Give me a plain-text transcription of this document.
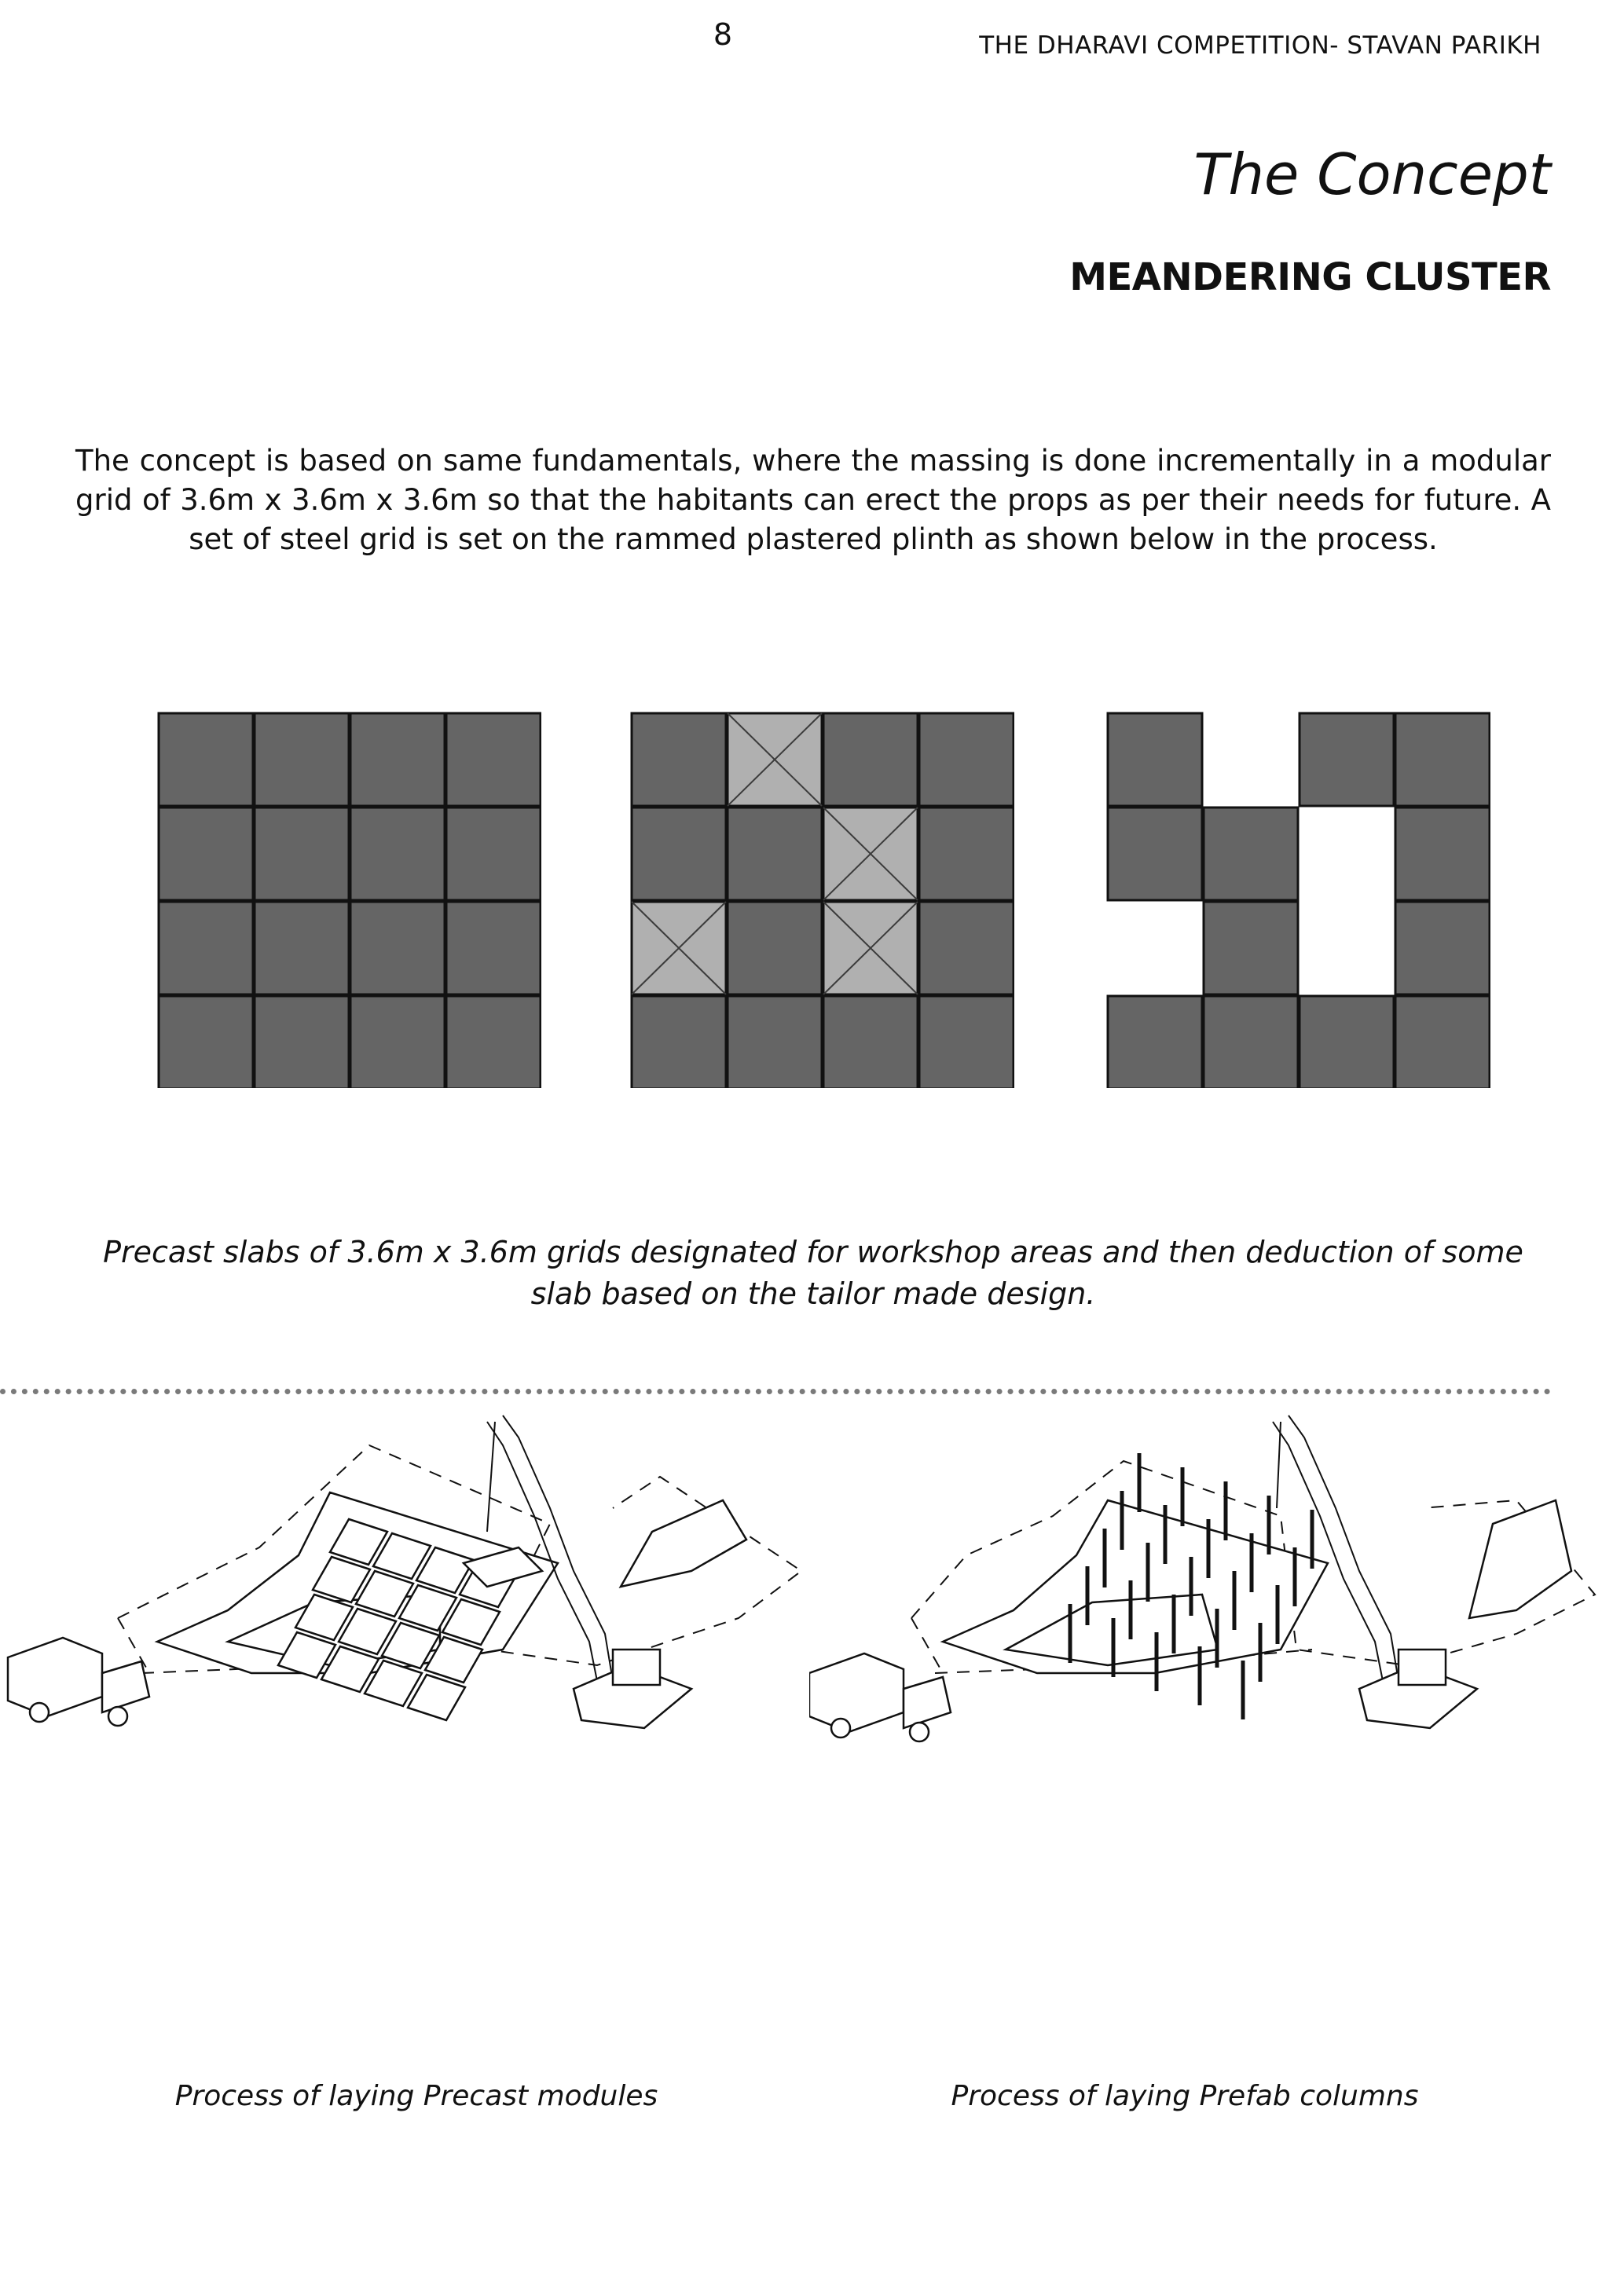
8	THE DHARAVI COMPETITION- STAVAN PARIKH
The Concept
MEANDERING CLUSTER

The concept is based on same fundamentals, where the massing is done incrementally in a modular grid of 3.6m x 3.6m x 3.6m so that the habitants can erect the props as per their needs for future. A set of steel grid is set on the rammed plastered plinth as shown below in the process.

Precast slabs of 3.6m x 3.6m grids designated for workshop areas and then deduction of some slab based on the tailor made design.

Process of laying Precast modules	Process of laying Prefab columns
